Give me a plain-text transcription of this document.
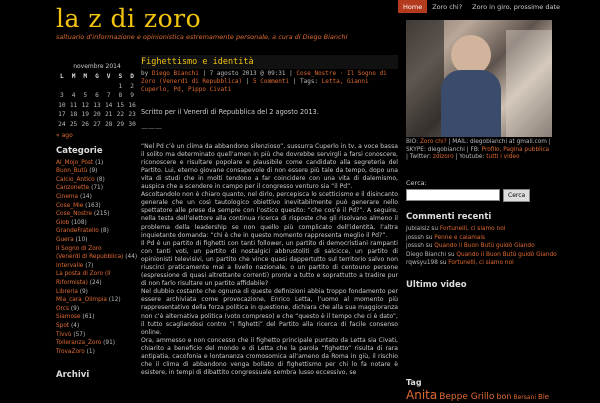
la z di zoro
saltuario d'informazione e opinionistica estremamente personale, a cura di Diego Bianchi
Home	Zoro chi?	Zoro in giro, prossime date
novembre 2014
L	M	M	G	V	S	D
					1	2
3	4	5	6	7	8	9
10	11	12	13	14	15	16
17	18	19	20	21	22	23
24	25	26	27	28	29	30
« ago
Categorie
Al_Mojo_Post (1)
Buon_Butù (9)
Calcio_Antico (8)
Canzonette (71)
Cinema (14)
Cose_Mie (163)
Cose_Nostre (215)
Glob (108)
GrandeFratello (8)
Guera (10)
Il Sogno di Zoro
(Venerdì di Repubblica) (44)
Intervalle (7)
La posta di Zoro (Il
Riformista) (24)
Libreria (9)
Mia_cara_Olimpia (12)
Orcs (9)
Siamose (61)
Spot (4)
Tivvù (57)
Tolleranza_Zoro (91)
TrovaZoro (1)
Archivi
Fighettismo e identità
by Diego Bianchi | 7 agosto 2013 @ 09:31 | Cose_Nostre · Il Sogno di Zoro (Venerdì di Repubblica) | 5 Commenti | Tags: Letta, Gianni Cuperlo, Pd, Pippo Civati
Scritto per il Venerdì di Repubblica del 2 agosto 2013.
———

“Nel Pd c’è un clima da abbandono silenzioso”, sussurra Cuperlo in tv, a voce bassa il solito ma determinato quell’amen in più che dovrebbe servirgli a farsi conoscere, riconoscere e risultare popolare e plausibile come candidato alla segreteria del Partito. Lui, eterno giovane consapevole di non essere più tale da tempo, dopo una vita di studi che in molti tendono a far coincidere con una vita di dalemismo, auspica che a scendere in campo per il congresso venturo sia “il Pd”.

Ascoltandolo non è chiaro quanto, nel dirlo, percepisca lo scetticismo e il disincanto generale che un così tautologico obiettivo inevitabilmente può generare nello spettatore alle prese da sempre con l’ostico quesito: “che cos’è il Pd?”. A seguire, nella testa dell’elettore alla continua ricerca di risposte che gli risolvano almeno il problema della leadership se non quello più complicato dell’identità, l’altra inquietante domanda: “chi è che in questo momento rappresenta meglio il Pd?”.

Il Pd è un partito di fighetti con tanti follower, un partito di democristiani rampanti con tanti voti, un partito di nostalgici abbrustoliti di salcicce, un partito di opinionisti televisivi, un partito che vince quasi dappertutto sul territorio salvo non riuscirci praticamente mai a livello nazionale, o un partito di centouno persone (espressione di quasi altrettante correnti) pronte a tutto e soprattutto a tradire pur di non farlo risultare un partito affidabile?

Nel dubbio costante che ognuna di queste definizioni abbia troppo fondamento per essere archiviata come provocazione, Enrico Letta, l’uomo al momento più rappresentativo della forza politica in questione, dichiara che alla sua maggioranza non c’è alternativa politica (voto compreso) e che “questo è il tempo che ci è dato”, il tutto scagliandosi contro “i fighetti” del Partito alla ricerca di facile consenso online.

Ora, ammesso e non concesso che il fighetto principale puntato da Letta sia Civati, chiarito a beneficio del mondo e di Letta che la parola “fighetto” risulta di rara antipatia, cacofonia e lontananza cromosomica all’ameno da Roma in giù, il rischio che il clima di abbandono venga bollato di fighettismo per chi lo fa notare è esistere, in tempi di dibattito congressuale sembra lusso eccessivo, se

BIO: Zoro chi? | MAIL: diegobianchi at gmail.com | SKYPE: diegobianchi | FB: Profilo, Pagina pubblica | Twitter: zdizoro | Youtube: tutti i video
Cerca:
Cerca
Commenti recenti
Jubialsiz su Fortunelli, ci siamo noi
josssh su Penne e calamais
josssh su Quando il Buon Butù guidò Giando
Diego Bianchi su Quando il Buon Butù guidò Giando
rqwsyu198 su Fortunelli, ci siamo noi
Ultimo video
Tag
Anita Beppe Grillo bon Bersani Ble
